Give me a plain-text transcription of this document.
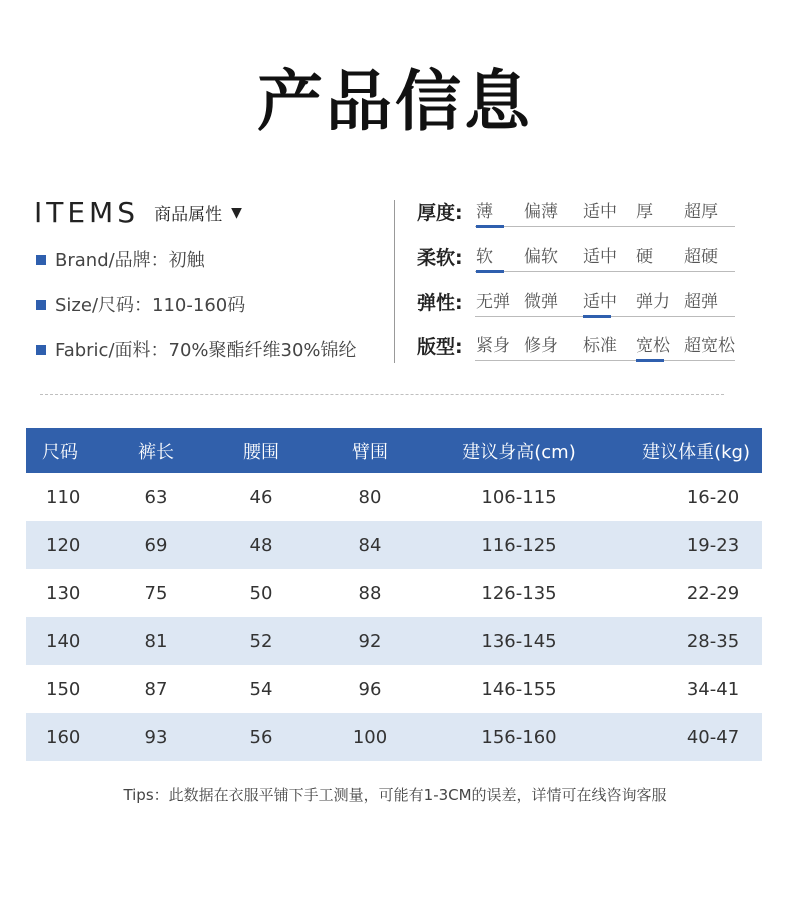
产品信息
ITEMS 商品属性 ▼
Brand/品牌：初触
Size/尺码：110-160码
Fabric/面料：70%聚酯纤维30%锦纶
厚度: 薄 偏薄 适中 厚 超厚
柔软: 软 偏软 适中 硬 超硬
弹性: 无弹 微弹 适中 弹力 超弹
版型: 紧身 修身 标准 宽松 超宽松
尺码	裤长	腰围	臂围	建议身高(cm)	建议体重(kg)
110	63	46	80	106-115	16-20
120	69	48	84	116-125	19-23
130	75	50	88	126-135	22-29
140	81	52	92	136-145	28-35
150	87	54	96	146-155	34-41
160	93	56	100	156-160	40-47
Tips：此数据在衣服平铺下手工测量，可能有1-3CM的误差，详情可在线咨询客服
